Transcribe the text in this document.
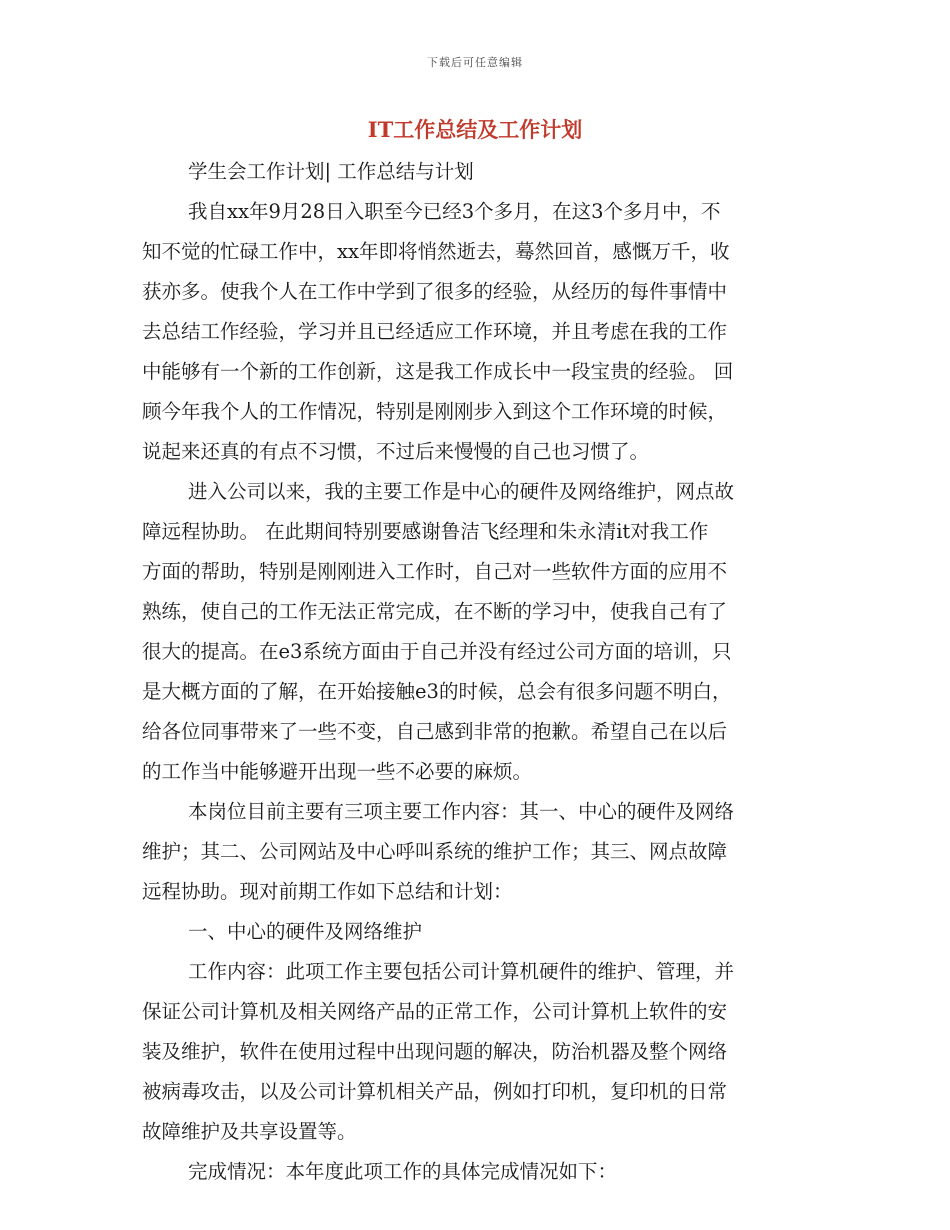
下载后可任意编辑
IT工作总结及工作计划
学生会工作计划| 工作总结与计划
我自xx年9月28日入职至今已经3个多月，在这3个多月中，不
知不觉的忙碌工作中，xx年即将悄然逝去，蓦然回首，感慨万千，收
获亦多。使我个人在工作中学到了很多的经验，从经历的每件事情中
去总结工作经验，学习并且已经适应工作环境，并且考虑在我的工作
中能够有一个新的工作创新，这是我工作成长中一段宝贵的经验。 回
顾今年我个人的工作情况，特别是刚刚步入到这个工作环境的时候，
说起来还真的有点不习惯，不过后来慢慢的自己也习惯了。
进入公司以来，我的主要工作是中心的硬件及网络维护，网点故
障远程协助。 在此期间特别要感谢鲁洁飞经理和朱永清it对我工作
方面的帮助，特别是刚刚进入工作时，自己对一些软件方面的应用不
熟练，使自己的工作无法正常完成，在不断的学习中，使我自己有了
很大的提高。在e3系统方面由于自己并没有经过公司方面的培训，只
是大概方面的了解，在开始接触e3的时候，总会有很多问题不明白，
给各位同事带来了一些不变，自己感到非常的抱歉。希望自己在以后
的工作当中能够避开出现一些不必要的麻烦。
本岗位目前主要有三项主要工作内容：其一、中心的硬件及网络
维护；其二、公司网站及中心呼叫系统的维护工作；其三、网点故障
远程协助。现对前期工作如下总结和计划：
一、中心的硬件及网络维护
工作内容：此项工作主要包括公司计算机硬件的维护、管理，并
保证公司计算机及相关网络产品的正常工作，公司计算机上软件的安
装及维护，软件在使用过程中出现问题的解决，防治机器及整个网络
被病毒攻击，以及公司计算机相关产品，例如打印机，复印机的日常
故障维护及共享设置等。
完成情况：本年度此项工作的具体完成情况如下：
